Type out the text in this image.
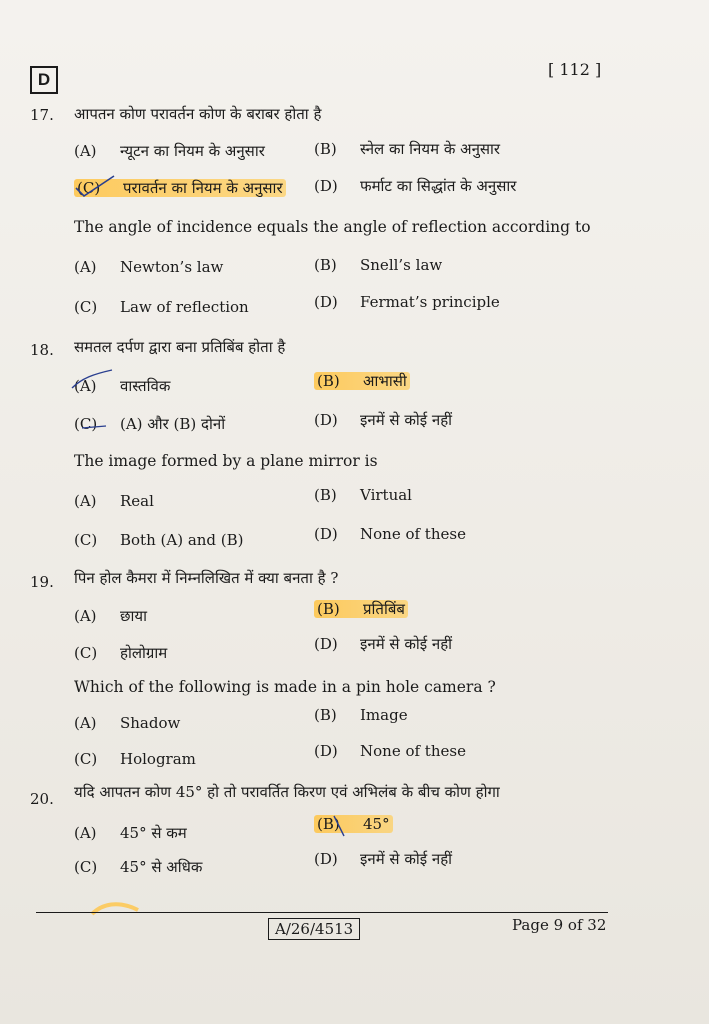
D
[ 112 ]
17. आपतन कोण परावर्तन कोण के बराबर होता है
(A) न्यूटन का नियम के अनुसार	(B) स्नेल का नियम के अनुसार
(C) परावर्तन का नियम के अनुसार (D) फर्माट का सिद्धांत के अनुसार
The angle of incidence equals the angle of reflection according to
(A) Newton’s law	(B) Snell’s law
(C) Law of reflection	(D) Fermat’s principle
18. समतल दर्पण द्वारा बना प्रतिबिंब होता है
(A) वास्तविक	(B) आभासी
(C) (A) और (B) दोनों	(D) इनमें से कोई नहीं
The image formed by a plane mirror is
(A) Real	(B) Virtual
(C) Both (A) and (B)	(D) None of these
19. पिन होल कैमरा में निम्नलिखित में क्या बनता है ?
(A) छाया	(B) प्रतिबिंब
(C) होलोग्राम	(D) इनमें से कोई नहीं
Which of the following is made in a pin hole camera ?
(A) Shadow	(B) Image
(C) Hologram	(D) None of these
20. यदि आपतन कोण 45° हो तो परावर्तित किरण एवं अभिलंब के बीच कोण होगा
(A) 45° से कम	(B) 45°
(C) 45° से अधिक	(D) इनमें से कोई नहीं
A/26/4513	Page 9 of 32
